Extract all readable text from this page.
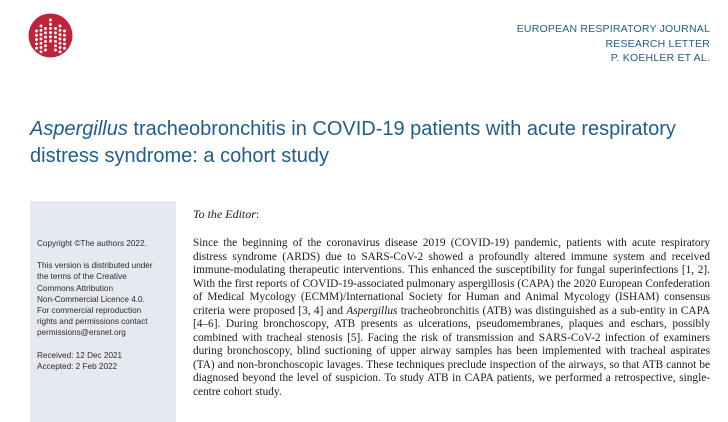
EUROPEAN RESPIRATORY JOURNAL
RESEARCH LETTER
P. KOEHLER ET AL.
Aspergillus tracheobronchitis in COVID-19 patients with acute respiratory distress syndrome: a cohort study

Copyright ©The authors 2022.

This version is distributed under
the terms of the Creative
Commons Attribution
Non-Commercial Licence 4.0.
For commercial reproduction
rights and permissions contact
permissions@ersnet.org

Received: 12 Dec 2021

Accepted: 2 Feb 2022

To the Editor:

Since the beginning of the coronavirus disease 2019 (COVID-19) pandemic, patients with acute respiratory distress syndrome (ARDS) due to SARS-CoV-2 showed a profoundly altered immune system and received immune-modulating therapeutic interventions. This enhanced the susceptibility for fungal superinfections [1, 2]. With the first reports of COVID-19-associated pulmonary aspergillosis (CAPA) the 2020 European Confederation of Medical Mycology (ECMM)/International Society for Human and Animal Mycology (ISHAM) consensus criteria were proposed [3, 4] and Aspergillus tracheobronchitis (ATB) was distinguished as a sub-entity in CAPA [4–6]. During bronchoscopy, ATB presents as ulcerations, pseudomembranes, plaques and eschars, possibly combined with tracheal stenosis [5]. Facing the risk of transmission and SARS-CoV-2 infection of examiners during bronchoscopy, blind suctioning of upper airway samples has been implemented with tracheal aspirates (TA) and non-bronchoscopic lavages. These techniques preclude inspection of the airways, so that ATB cannot be diagnosed beyond the level of suspicion. To study ATB in CAPA patients, we performed a retrospective, single-centre cohort study.
